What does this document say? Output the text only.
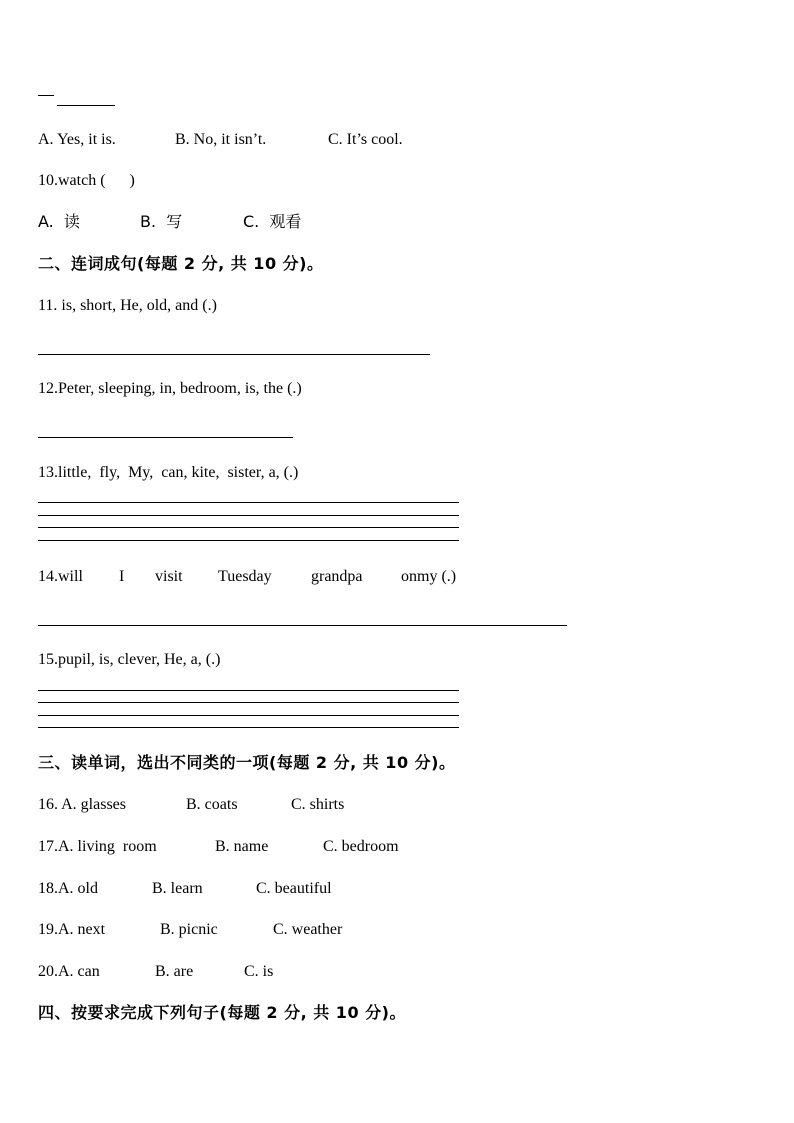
A. Yes, it is.	B. No, it isn’t.	C. It’s cool.
10.watch (      )
A.  读	B.  写	C.  观看
二、连词成句(每题 2 分, 共 10 分)。
11. is, short, He, old, and (.)
12.Peter, sleeping, in, bedroom, is, the (.)
13.little,  fly,  My,  can, kite,  sister, a, (.)
14.will I visit Tuesday grandpa onmy (.)
15.pupil, is, clever, He, a, (.)
三、读单词，选出不同类的一项(每题 2 分, 共 10 分)。
16. A. glasses	B. coats	C. shirts
17.A. living  room	B. name	C. bedroom
18.A. old	B. learn	C. beautiful
19.A. next	B. picnic	C. weather
20.A. can	B. are	C. is
四、按要求完成下列句子(每题 2 分, 共 10 分)。
